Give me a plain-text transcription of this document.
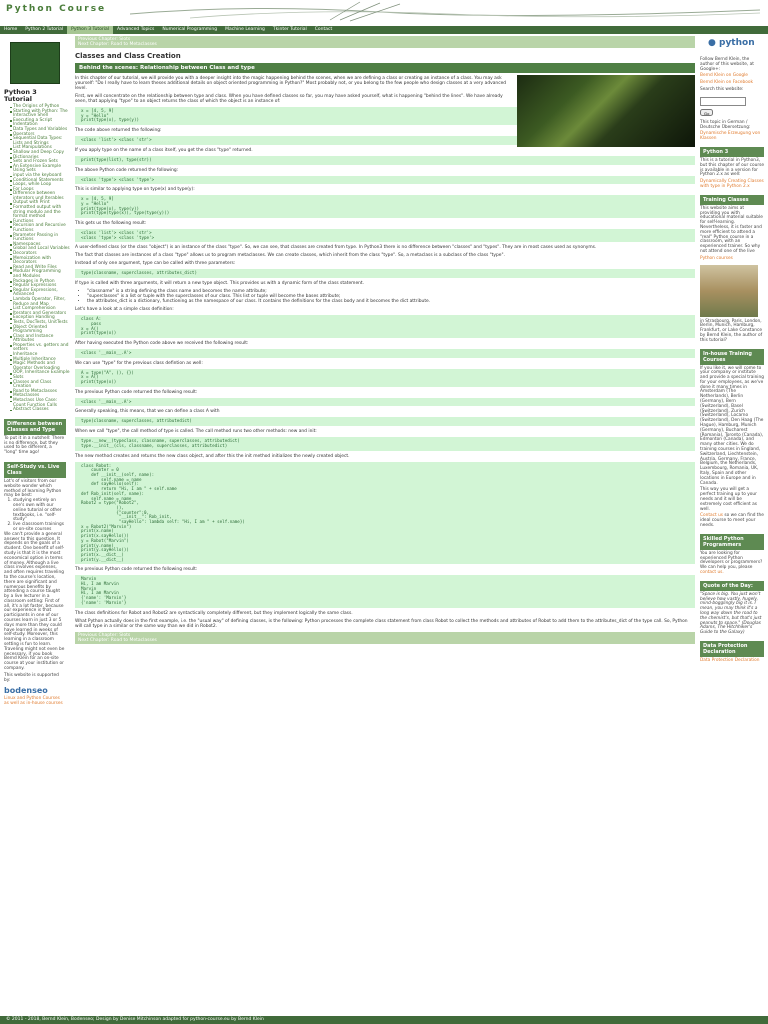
Python Course
Home	Python 2 Tutorial	Python 3 Tutorial	Advanced Topics	Numerical Programming	Machine Learning	Tkinter Tutorial	Contact
Python 3 Tutorial
The Origins of Python
Starting with Python: The Interactive Shell
Executing a Script
Indentation
Data Types and Variables
Operators
Sequential Data Types: Lists and Strings
List Manipulations
Shallow and Deep Copy
Dictionaries
Sets and Frozen Sets
An Extensive Example Using Sets
input via the keyboard
Conditional Statements
Loops, while Loop
For Loops
Difference between interators und Iterables
Output with Print
Formatted output with string modulo and the format method
Functions
Recursion and Recursive Functions
Parameter Passing in Functions
Namespaces
Global and Local Variables
Decorators
Memoization with Decorators
Read and Write Files
Modular Programming and Modules
Packages in Python
Regular Expressions
Regular Expressions, Advanced
Lambda Operator, Filter, Reduce and Map
List Comprehension
Iterators and Generators
Exception Handling
Tests, DocTests, UnitTests
Object Oriented Programming
Class and Instance Attributes
Properties vs. getters and setters
Inheritance
Multiple Inheritance
Magic Methods and Operator Overloading
OOP, Inheritance Example
Slots
Classes and Class Creation
Road to Metaclasses
Metaclasses
Metaclass Use Case: Count Function Calls
Abstract Classes
Difference between Classes and Type
To put it in a nutshell: There is no difference, but they used to be different, a "long" time ago!
Self-Study vs. Live Class
Lot's of visitors from our website wonder which method of learning Python may be best:
1. studying entirely on one's own with our online tutorial or other textbooks, i.e. "self-study"
2. live classroom trainings or on-site courses
We can't provide a general answer to this question. It depends on the goals of a student. One benefit of self-study is that it is the most economical option in terms of money. Although a live class involves expenses, and often requires traveling to the course's location, there are significant and numerous benefits by attending a course taught by a live lecturer in a classroom setting: First of all, it's a lot faster, because our experience is that participants in one of our courses learn in just 3 or 5 days more than they could have learned in weeks of self-study. Moreover, this learning in a classroom setting is fun to learn. Traveling might not even be necessary, if you book Bernd Klein for an on-site course at your institution or company.
This website is supported by:
bodenseo
Linux and Python Courses as well as in-house courses
Previous Chapter: Slots
Next Chapter: Road to Metaclasses
Classes and Class Creation
Behind the scenes: Relationship between Class and type
In this chapter of our tutorial, we will provide you with a deeper insight into the magic happening behind the scenes, when we are defining a class or creating an instance of a class. You may ask yourself: "Do I really have to learn theses additional details on object oriented programming in Python?" Most probably not, or you belong to the few people who design classes at a very advanced level.
First, we will concentrate on the relationship between type and class. When you have defined classes so far, you may have asked yourself, what is happening "behind the lines". We have already seen, that applying "type" to an object returns the class of which the object is an instance of:
x = [4, 5, 9]
y = "Hello"
print(type(x), type(y))
The code above returned the following:
<class 'list'> <class 'str'>
If you apply type on the name of a class itself, you get the class "type" returned.
print(type(list), type(str))
The above Python code returned the following:
<class 'type'> <class 'type'>
This is similar to applying type on type(x) and type(y):
x = [4, 5, 9]
y = "Hello"
print(type(x), type(y))
print(type(type(x)), type(type(y)))
This gets us the following result:
<class 'list'> <class 'str'>
<class 'type'> <class 'type'>
A user-defined class (or the class "object") is an instance of the class "type". So, we can see, that classes are created from type. In Python3 there is no difference between "classes" and "types". They are in most cases used as synonyms.
The fact that classes are instances of a class "type" allows us to program metaclasses. We can create classes, which inherit from the class "type". So, a metaclass is a subclass of the class "type".
Instead of only one argument, type can be called with three parameters:
type(classname, superclasses, attributes_dict)
If type is called with three arguments, it will return a new type object. This provides us with a dynamic form of the class statement.
• "classname" is a string defining the class name and becomes the name attribute;
• "superclasses" is a list or tuple with the superclasses of our class. This list or tuple will become the bases attribute;
• the attributes_dict is a dictionary, functioning as the namespace of our class. It contains the definitions for the class body and it becomes the dict attribute.
Let's have a look at a simple class definition:
class A:
pass
x = A()
print(type(x))
After having executed the Python code above we received the following result:
<class '__main__.A'>
We can use "type" for the previous class defintion as well:
A = type("A", (), {})
x = A()
print(type(x))
The previous Python code returned the following result:
<class '__main__.A'>
Generally speaking, this means, that we can define a class A with
type(classname, superclasses, attributedict)
When we call "type", the call method of type is called. The call method runs two other methods: new and init:
type.__new__(typeclass, classname, superclasses, attributedict)
type.__init__(cls, classname, superclasses, attributedict)
The new method creates and returns the new class object, and after this the init method initializes the newly created object.
class Robot:
counter = 0
def __init__(self, name):
self.name = name
def sayHello(self):
return "Hi, I am " + self.name
def Rob_init(self, name):
self.name = name
Robot2 = type("Robot2",
(),
{"counter":0,
"__init__": Rob_init,
"sayHello": lambda self: "Hi, I am " + self.name})
x = Robot2("Marvin")
print(x.name)
print(x.sayHello())
y = Robot("Marvin")
print(y.name)
print(y.sayHello())
print(x.__dict__)
print(y.__dict__)
The previous Python code returned the following result:
Marvin
Hi, I am Marvin
Marvin
Hi, I am Marvin
{'name': 'Marvin'}
{'name': 'Marvin'}
The class definitions for Robot and Robot2 are syntactically completely different, but they implement logically the same class.
What Python actually does in the first example, i.e. the "usual way" of defining classes, is the following: Python processes the complete class statement from class Robot to collect the methods and attributes of Robot to add them to the attributes_dict of the type call. So, Python will call type in a similar or the same way than we did in Robot2.
Previous Chapter: Slots
Next Chapter: Road to Metaclasses
● python
Follow Bernd Klein, the author of this website, at Google+:
Bernd Klein on Google
Bernd Klein on Facebook
Search this website:
Go
This topic in German / Deutsche Übersetzung:
Dynamische Erzeugung von Klassen
Python 3
This is a tutorial in Python3, but this chapter of our course is available in a version for Python 2.x as well:
Dynamically Creating Classes with type in Python 2.x
Training Classes
This website aims at providing you with educational material suitable for self-learning. Nevertheless, it is faster and more efficient to attend a "real" Python course in a classroom, with an experienced trainer. So why not attend one of the live
Python courses
in Strasbourg, Paris, London, Berlin, Munich, Hamburg, Frankfurt, or Lake Constance by Bernd Klein, the author of this tutorial?
In-house Training Courses
If you like it, we will come to your company or institute and provide a special training for your employees, as we've done it many times in Amsterdam (The Netherlands), Berlin (Germany), Bern (Switzerland), Basel (Switzerland), Zurich (Switzerland), Locarno (Switzerland), Den Haag (The Hague), Hamburg, Munich (Germany), Bucharest (Romania), Toronto (Canada), Edmonton (Canada), and many other cities. We do training courses in England, Switzerland, Liechtenstein, Austria, Germany, France, Belgium, the Netherlands, Luxembourg, Romania, UK, Italy, Spain and other locations in Europe and in Canada.
This way you will get a perfect training up to your needs and it will be extremely cost efficient as well.
Contact us so we can find the ideal course to meet your needs.
Skilled Python Programmers
You are looking for experienced Python developers or programmers? We can help you, please contact us.
Quote of the Day:
"Space is big. You just won't believe how vastly, hugely, mind-bogglingly big it is. I mean, you may think it's a long way down the road to the chemist's, but that's just peanuts to space." (Douglas Adams, The Hitchhiker's Guide to the Galaxy)
Data Protection Declaration
Data Protection Declaration
© 2011 - 2018, Bernd Klein, Bodenseo; Design by Denise Mitchinson adapted for python-course.eu by Bernd Klein
